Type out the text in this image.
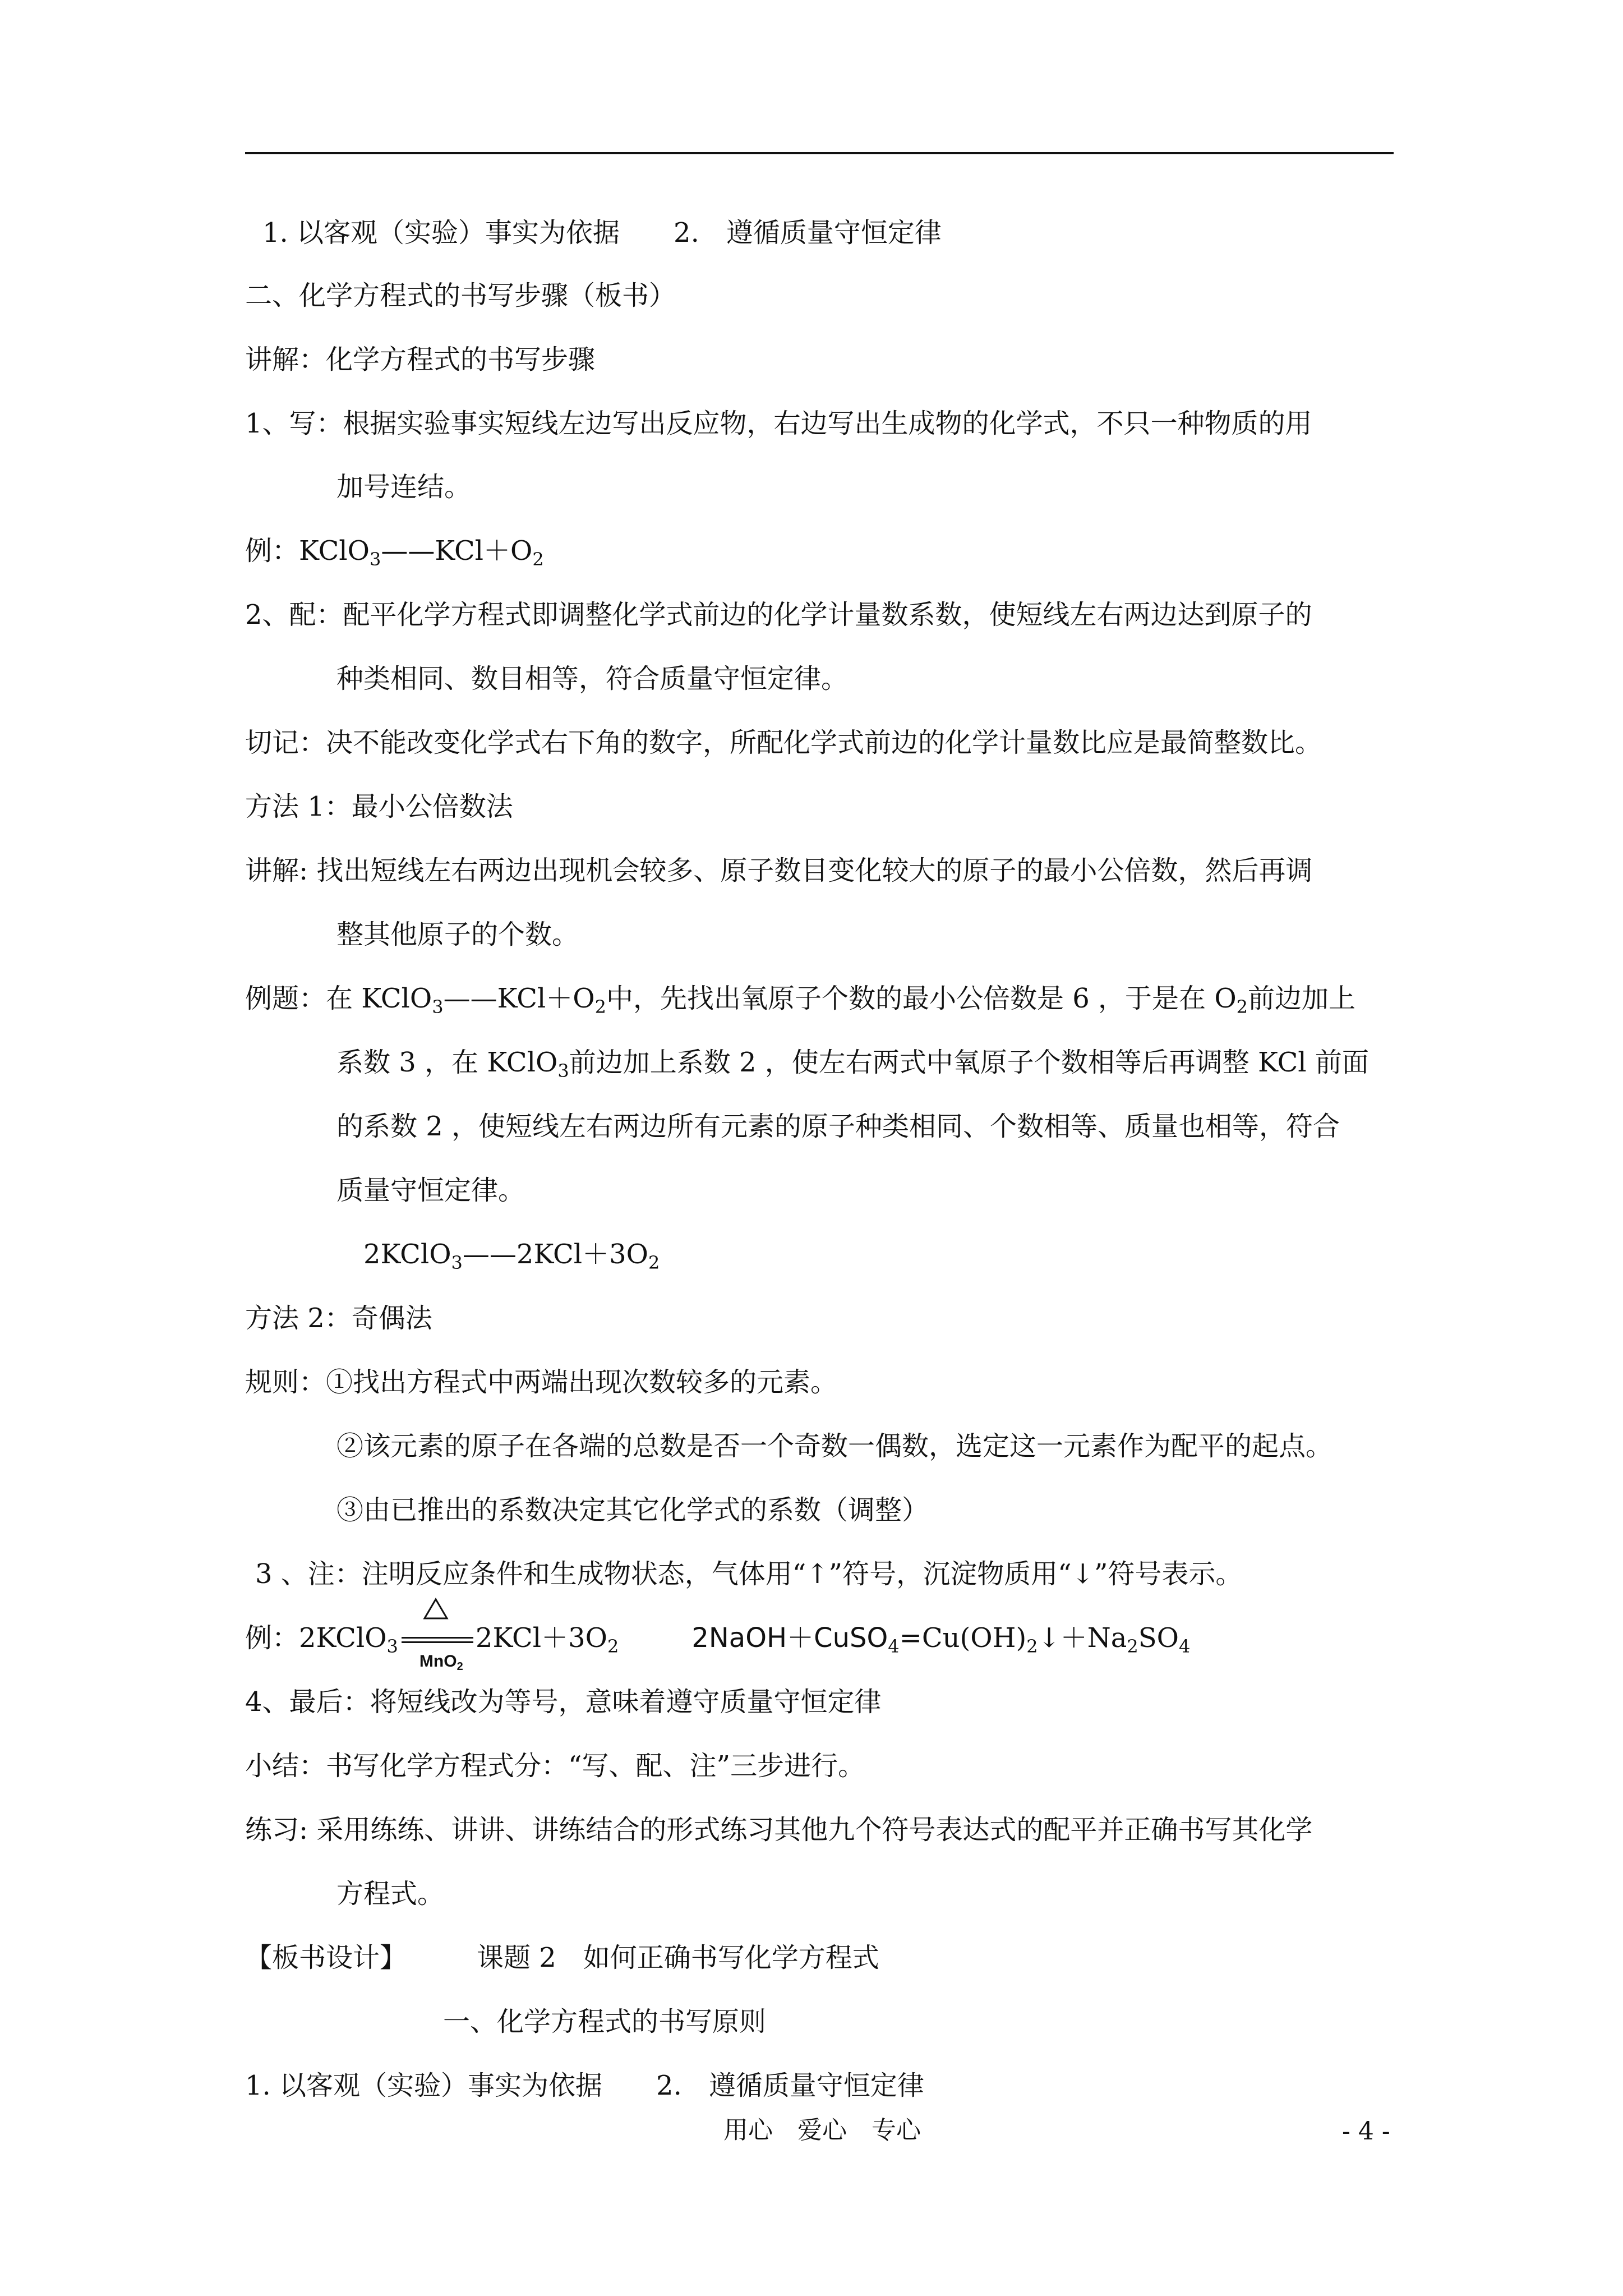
1. 以客观（实验）事实为依据　　2.　遵循质量守恒定律
二、化学方程式的书写步骤（板书）
讲解：化学方程式的书写步骤
1、写：根据实验事实短线左边写出反应物，右边写出生成物的化学式，不只一种物质的用
加号连结。
例：$KClO_3——KCl+O_2$
2、配：配平化学方程式即调整化学式前边的化学计量数系数，使短线左右两边达到原子的
种类相同、数目相等，符合质量守恒定律。
切记：决不能改变化学式右下角的数字，所配化学式前边的化学计量数比应是最简整数比。
方法 1：最小公倍数法
讲解: 找出短线左右两边出现机会较多、原子数目变化较大的原子的最小公倍数，然后再调
整其他原子的个数。
例题：在 $KClO_3——KCl+O_2$中，先找出氧原子个数的最小公倍数是 6 ，于是在 $O_2$前边加上
系数 3 ，在 KClO$_3$前边加上系数 2 ，使左右两式中氧原子个数相等后再调整 KCl 前面
的系数 2 ，使短线左右两边所有元素的原子种类相同、个数相等、质量也相等，符合
质量守恒定律。
$2KClO_3——2KCl+3O_2$
方法 2：奇偶法
规则：①找出方程式中两端出现次数较多的元素。
②该元素的原子在各端的总数是否一个奇数一偶数，选定这一元素作为配平的起点。
③由已推出的系数决定其它化学式的系数（调整）
3 、注：注明反应条件和生成物状态，气体用“↑”符号，沉淀物质用“↓”符号表示。
例：2KClO$_3$
MnO$_2$
$2KCl+3O_2$	$2NaOH+CuSO_4=Cu(OH)_2↓+Na_2SO_4$
4、最后：将短线改为等号，意味着遵守质量守恒定律
小结：书写化学方程式分：“写、配、注”三步进行。
练习: 采用练练、讲讲、讲练结合的形式练习其他九个符号表达式的配平并正确书写其化学
方程式。
【板书设计】	课题 2　如何正确书写化学方程式
一、化学方程式的书写原则
1. 以客观（实验）事实为依据　　2.　遵循质量守恒定律
用心　爱心　专心	- 4 -
